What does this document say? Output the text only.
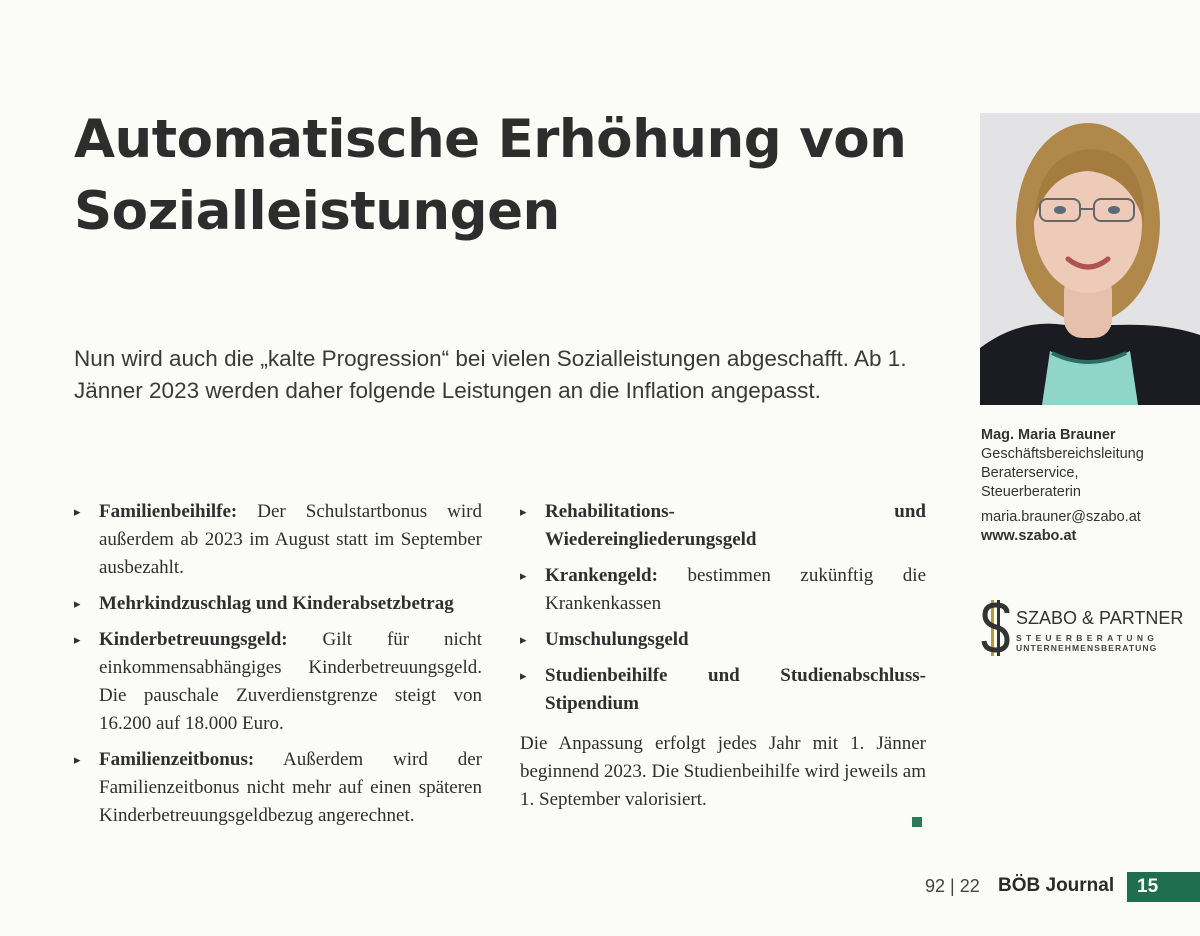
Automatische Erhöhung von Sozialleistungen

Nun wird auch die „kalte Progression“ bei vielen Sozialleistungen abgeschafft. Ab 1. Jänner 2023 werden daher folgende Leistungen an die Inflation angepasst.

▸ Familienbeihilfe: Der Schulstartbonus wird außerdem ab 2023 im August statt im September ausbezahlt.
▸ Mehrkindzuschlag und Kinderabsetzbetrag
▸ Kinderbetreuungsgeld: Gilt für nicht einkommensabhängiges Kinderbetreuungsgeld. Die pauschale Zuverdienstgrenze steigt von 16.200 auf 18.000 Euro.
▸ Familienzeitbonus: Außerdem wird der Familienzeitbonus nicht mehr auf einen späteren Kinderbetreuungsgeldbezug angerechnet.
▸ Rehabilitations- und Wiedereingliederungsgeld
▸ Krankengeld: bestimmen zukünftig die Krankenkassen
▸ Umschulungsgeld
▸ Studienbeihilfe und Studienabschluss-Stipendium

Die Anpassung erfolgt jedes Jahr mit 1. Jänner beginnend 2023. Die Studienbeihilfe wird jeweils am 1. September valorisiert.

Mag. Maria Brauner
Geschäftsbereichsleitung
Beraterservice,
Steuerberaterin
maria.brauner@szabo.at
www.szabo.at
SZABO & PARTNER
STEUERBERATUNG
UNTERNEHMENSBERATUNG
92 | 22 BÖB Journal	15
